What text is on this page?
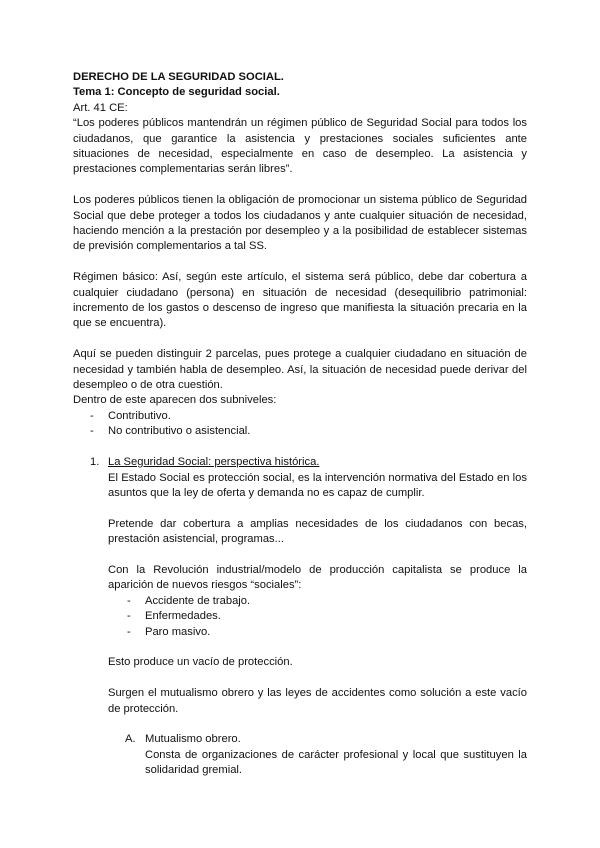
DERECHO DE LA SEGURIDAD SOCIAL.

Tema 1: Concepto de seguridad social.

Art. 41 CE:

“Los poderes públicos mantendrán un régimen público de Seguridad Social para todos los ciudadanos, que garantice la asistencia y prestaciones sociales suficientes ante situaciones de necesidad, especialmente en caso de desempleo. La asistencia y prestaciones complementarias serán libres”.

Los poderes públicos tienen la obligación de promocionar un sistema público de Seguridad Social que debe proteger a todos los ciudadanos y ante cualquier situación de necesidad, haciendo mención a la prestación por desempleo y a la posibilidad de establecer sistemas de previsión complementarios a tal SS.

Régimen básico: Así, según este artículo, el sistema será público, debe dar cobertura a cualquier ciudadano (persona) en situación de necesidad (desequilibrio patrimonial: incremento de los gastos o descenso de ingreso que manifiesta la situación precaria en la que se encuentra).

Aquí se pueden distinguir 2 parcelas, pues protege a cualquier ciudadano en situación de necesidad y también habla de desempleo. Así, la situación de necesidad puede derivar del desempleo o de otra cuestión.

Dentro de este aparecen dos subniveles:

- Contributivo.
- No contributivo o asistencial.
1. La Seguridad Social: perspectiva histórica.

El Estado Social es protección social, es la intervención normativa del Estado en los asuntos que la ley de oferta y demanda no es capaz de cumplir.

Pretende dar cobertura a amplias necesidades de los ciudadanos con becas, prestación asistencial, programas...

Con la Revolución industrial/modelo de producción capitalista se produce la aparición de nuevos riesgos “sociales”:

- Accidente de trabajo.
- Enfermedades.
- Paro masivo.

Esto produce un vacío de protección.

Surgen el mutualismo obrero y las leyes de accidentes como solución a este vacío de protección.

A. Mutualismo obrero.

Consta de organizaciones de carácter profesional y local que sustituyen la solidaridad gremial.
